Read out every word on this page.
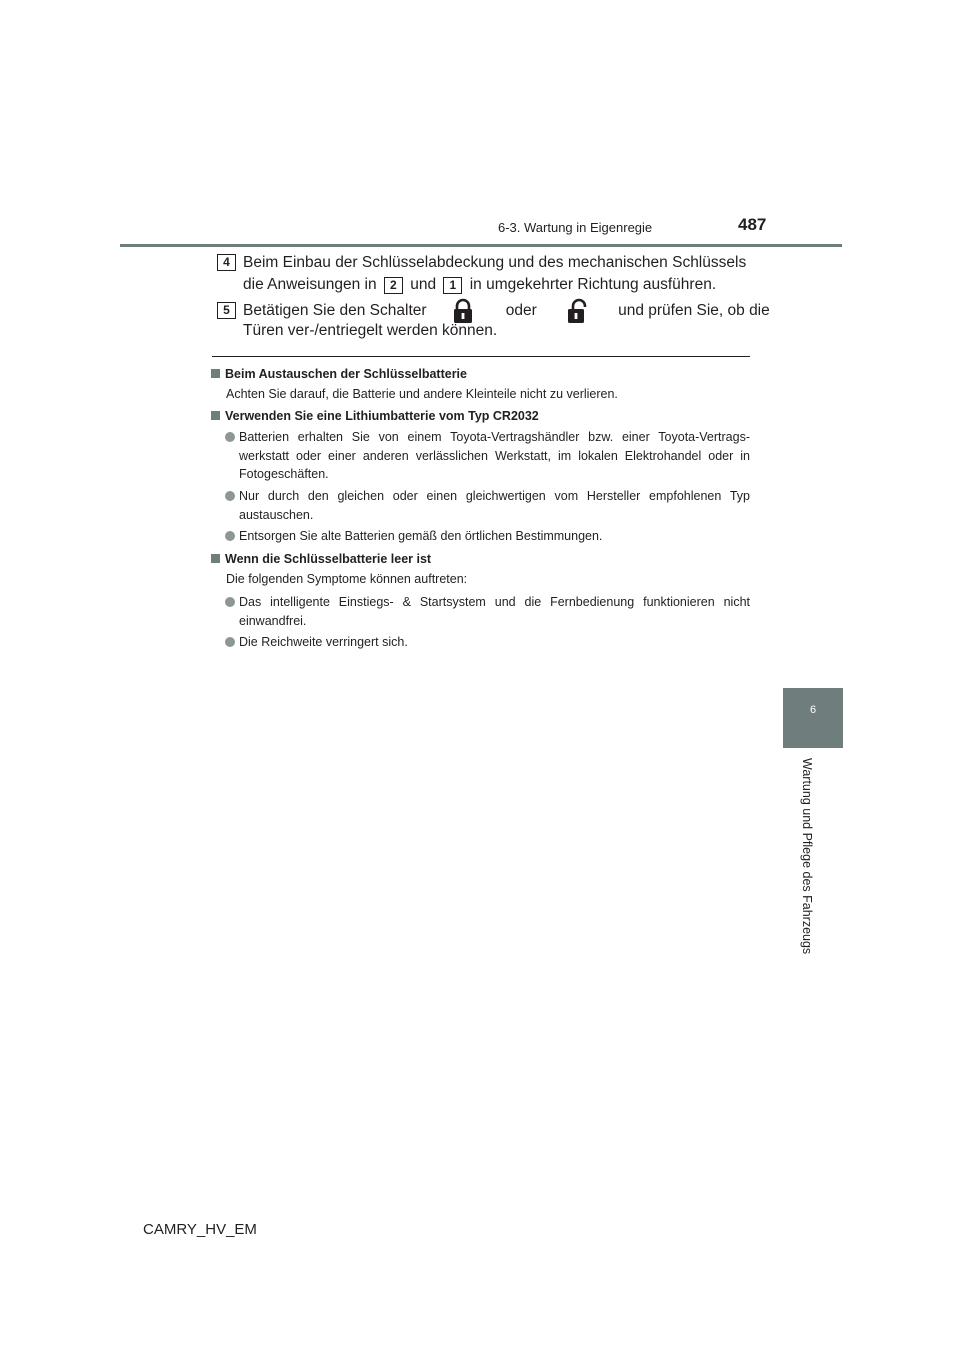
6-3. Wartung in Eigenregie	487
6
Wartung und Pflege des Fahrzeugs
4 Beim Einbau der Schlüsselabdeckung und des mechanischen Schlüssels
die Anweisungen in 2 und 1 in umgekehrter Richtung ausführen.
5 Betätigen Sie den Schalter	oder	und prüfen Sie, ob die
Türen ver-/entriegelt werden können.
Beim Austauschen der Schlüsselbatterie
Achten Sie darauf, die Batterie und andere Kleinteile nicht zu verlieren.
Verwenden Sie eine Lithiumbatterie vom Typ CR2032
Batterien erhalten Sie von einem Toyota-Vertragshändler bzw. einer Toyota-Vertrags-werkstatt oder einer anderen verlässlichen Werkstatt, im lokalen Elektrohandel oder in Fotogeschäften.
Nur durch den gleichen oder einen gleichwertigen vom Hersteller empfohlenen Typ austauschen.
Entsorgen Sie alte Batterien gemäß den örtlichen Bestimmungen.
Wenn die Schlüsselbatterie leer ist
Die folgenden Symptome können auftreten:
Das intelligente Einstiegs- & Startsystem und die Fernbedienung funktionieren nicht einwandfrei.
Die Reichweite verringert sich.
CAMRY_HV_EM
